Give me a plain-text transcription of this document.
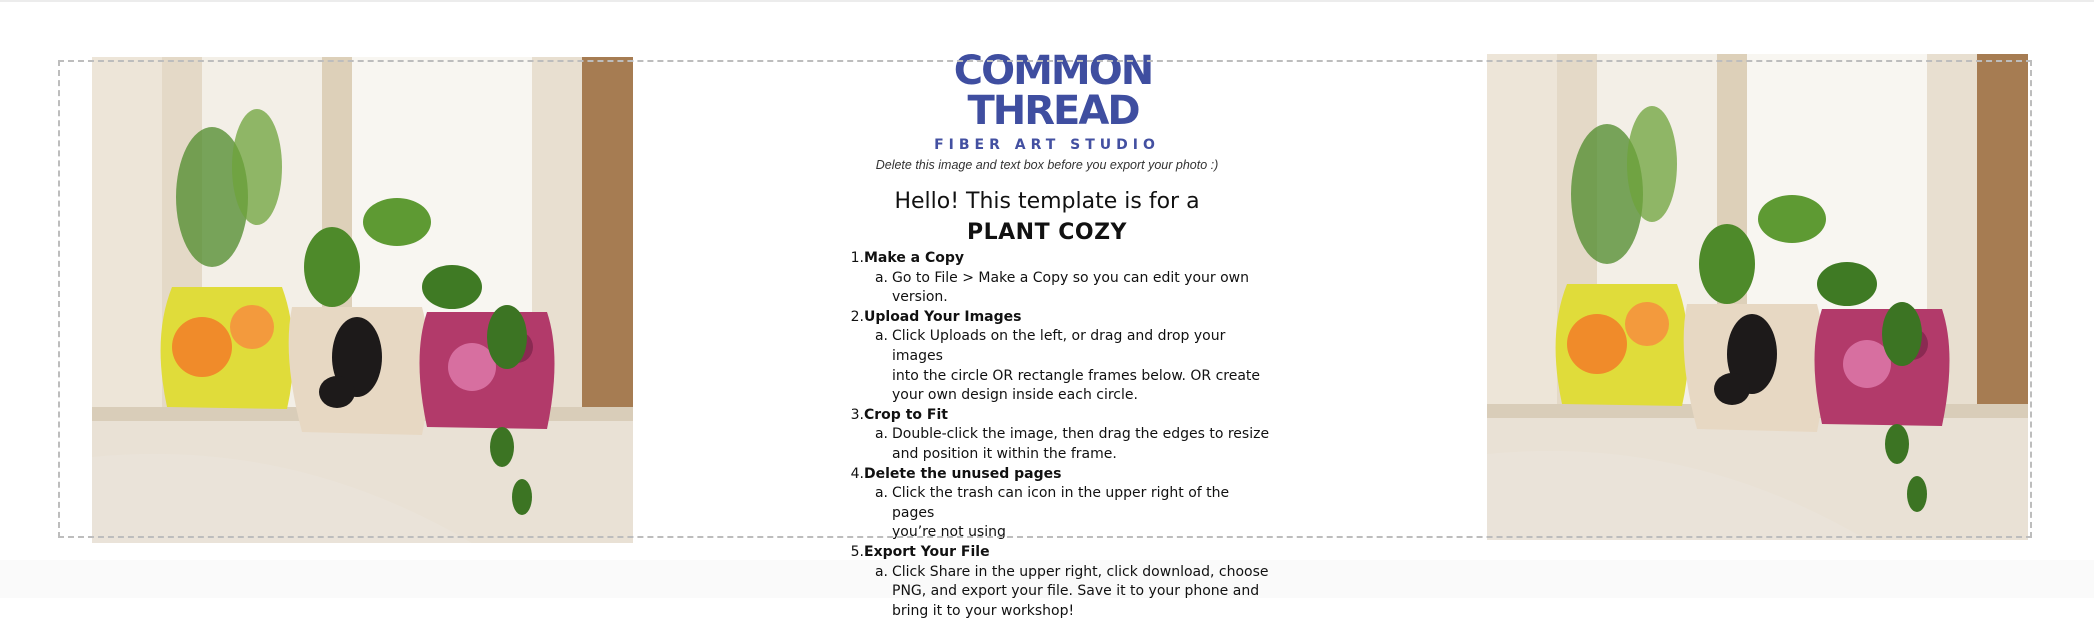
COMMON
THREAD
FIBER ART STUDIO
Delete this image and text box before you export your photo :)
Hello! This template is for a
PLANT COZY
1. Make a Copy
a. Go to File > Make a Copy so you can edit your own
version.
2. Upload Your Images
a. Click Uploads on the left, or drag and drop your images
into the circle OR rectangle frames below. OR create
your own design inside each circle.
3. Crop to Fit
a. Double-click the image, then drag the edges to resize
and position it within the frame.
4. Delete the unused pages
a. Click the trash can icon in the upper right of the pages
you’re not using
5. Export Your File
a. Click Share in the upper right, click download, choose
PNG, and export your file. Save it to your phone and
bring it to your workshop!
